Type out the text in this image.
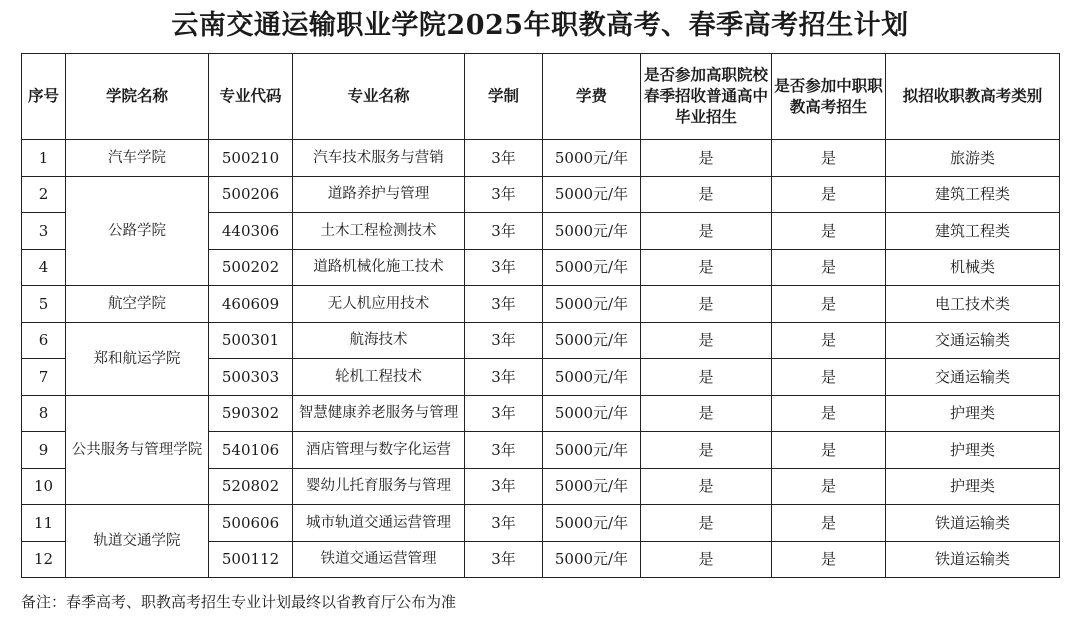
云南交通运输职业学院2025年职教高考、春季高考招生计划
序号	学院名称	专业代码	专业名称	学制	学费	是否参加高职院校春季招收普通高中毕业招生	是否参加中职职教高考招生	拟招收职教高考类别
1	汽车学院	500210	汽车技术服务与营销	3年	5000元/年	是	是	旅游类
2	公路学院	500206	道路养护与管理	3年	5000元/年	是	是	建筑工程类
3		440306	土木工程检测技术	3年	5000元/年	是	是	建筑工程类
4		500202	道路机械化施工技术	3年	5000元/年	是	是	机械类
5	航空学院	460609	无人机应用技术	3年	5000元/年	是	是	电工技术类
6	郑和航运学院	500301	航海技术	3年	5000元/年	是	是	交通运输类
7		500303	轮机工程技术	3年	5000元/年	是	是	交通运输类
8	公共服务与管理学院	590302	智慧健康养老服务与管理	3年	5000元/年	是	是	护理类
9		540106	酒店管理与数字化运营	3年	5000元/年	是	是	护理类
10		520802	婴幼儿托育服务与管理	3年	5000元/年	是	是	护理类
11	轨道交通学院	500606	城市轨道交通运营管理	3年	5000元/年	是	是	铁道运输类
12		500112	铁道交通运营管理	3年	5000元/年	是	是	铁道运输类
备注：春季高考、职教高考招生专业计划最终以省教育厅公布为准
